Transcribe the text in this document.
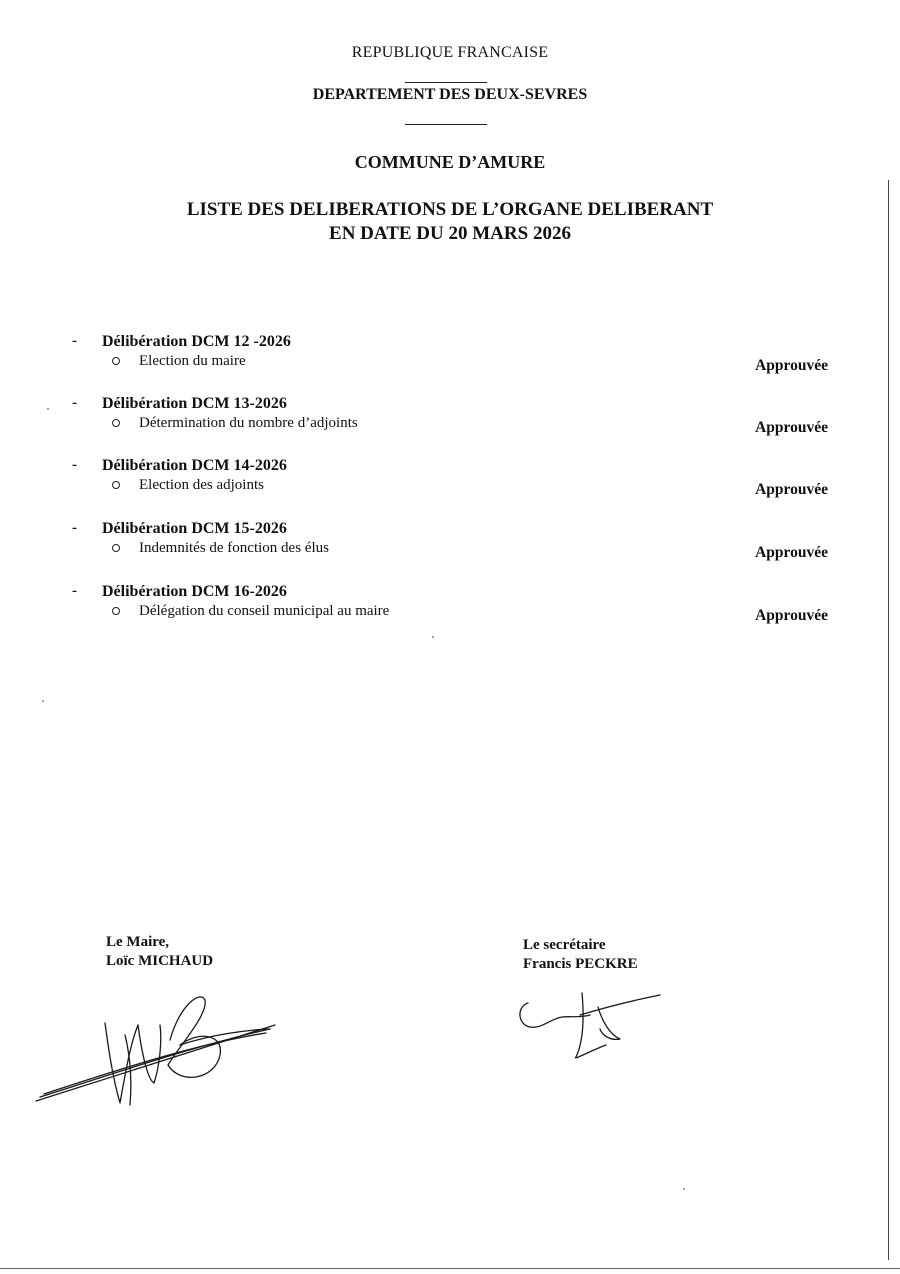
REPUBLIQUE FRANCAISE
DEPARTEMENT DES DEUX-SEVRES
COMMUNE D’AMURE
LISTE DES DELIBERATIONS DE L’ORGANE DELIBERANT
EN DATE DU 20 MARS 2026
- Délibération DCM 12 -2026
Election du maire	Approuvée
- Délibération DCM 13-2026
Détermination du nombre d’adjoints	Approuvée
- Délibération DCM 14-2026
Election des adjoints	Approuvée
- Délibération DCM 15-2026
Indemnités de fonction des élus	Approuvée
- Délibération DCM 16-2026
Délégation du conseil municipal au maire	Approuvée
Le Maire,
Loïc MICHAUD
Le secrétaire
Francis PECKRE
